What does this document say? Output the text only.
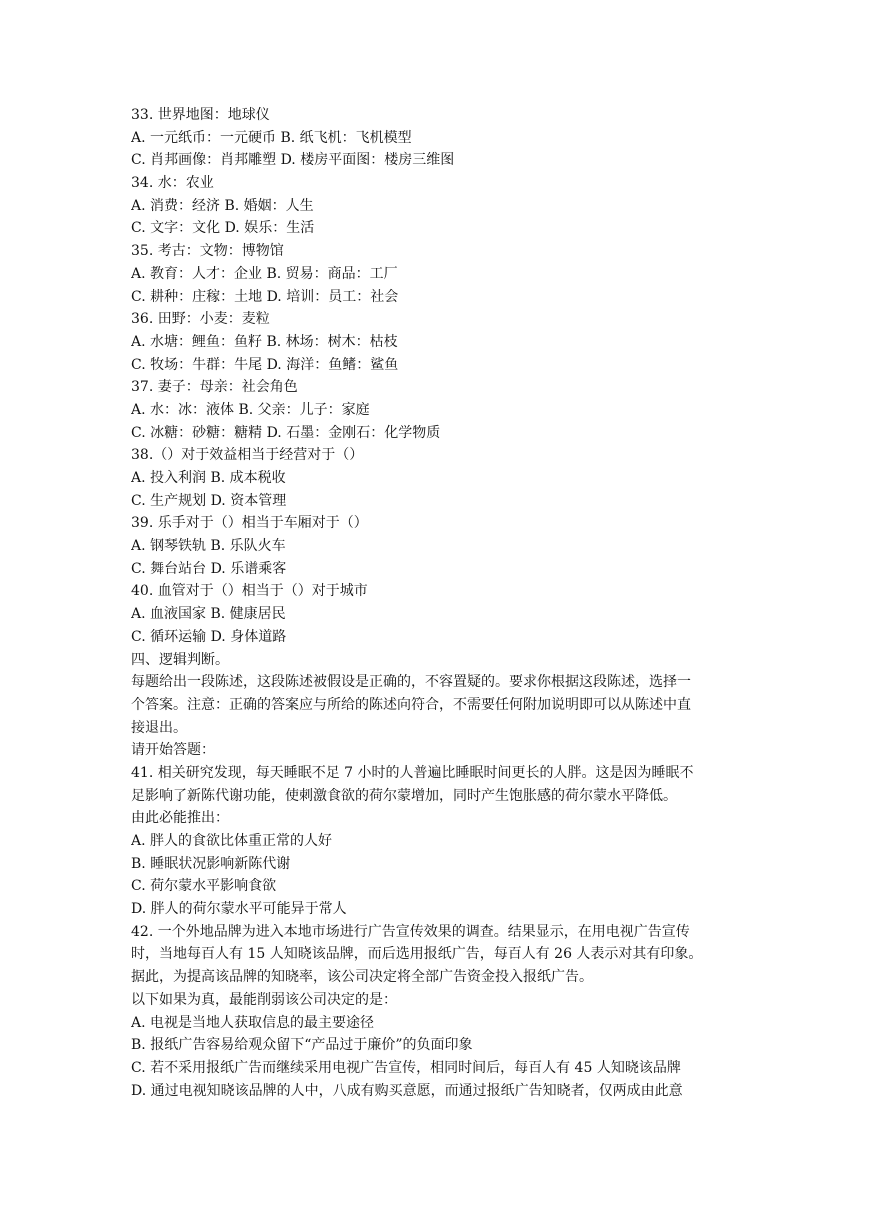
33. 世界地图：地球仪
A. 一元纸币：一元硬币 B. 纸飞机：飞机模型
C. 肖邦画像：肖邦雕塑 D. 楼房平面图：楼房三维图
34. 水：农业
A. 消费：经济 B. 婚姻：人生
C. 文字：文化 D. 娱乐：生活
35. 考古：文物：博物馆
A. 教育：人才：企业 B. 贸易：商品：工厂
C. 耕种：庄稼：土地 D. 培训：员工：社会
36. 田野：小麦：麦粒
A. 水塘：鲤鱼：鱼籽 B. 林场：树木：枯枝
C. 牧场：牛群：牛尾 D. 海洋：鱼鳍：鲨鱼
37. 妻子：母亲：社会角色
A. 水：冰：液体 B. 父亲：儿子：家庭
C. 冰糖：砂糖：糖精 D. 石墨：金刚石：化学物质
38.（）对于效益相当于经营对于（）
A. 投入利润 B. 成本税收
C. 生产规划 D. 资本管理
39. 乐手对于（）相当于车厢对于（）
A. 钢琴铁轨 B. 乐队火车
C. 舞台站台 D. 乐谱乘客
40. 血管对于（）相当于（）对于城市
A. 血液国家 B. 健康居民
C. 循环运输 D. 身体道路
四、逻辑判断。
每题给出一段陈述，这段陈述被假设是正确的，不容置疑的。要求你根据这段陈述，选择一
个答案。注意：正确的答案应与所给的陈述向符合，不需要任何附加说明即可以从陈述中直
接退出。
请开始答题：
41. 相关研究发现，每天睡眠不足 7 小时的人普遍比睡眠时间更长的人胖。这是因为睡眠不
足影响了新陈代谢功能，使刺激食欲的荷尔蒙增加，同时产生饱胀感的荷尔蒙水平降低。
由此必能推出：
A. 胖人的食欲比体重正常的人好
B. 睡眠状况影响新陈代谢
C. 荷尔蒙水平影响食欲
D. 胖人的荷尔蒙水平可能异于常人
42. 一个外地品牌为进入本地市场进行广告宣传效果的调查。结果显示，在用电视广告宣传
时，当地每百人有 15 人知晓该品牌，而后选用报纸广告，每百人有 26 人表示对其有印象。
据此，为提高该品牌的知晓率，该公司决定将全部广告资金投入报纸广告。
以下如果为真，最能削弱该公司决定的是：
A. 电视是当地人获取信息的最主要途径
B. 报纸广告容易给观众留下“产品过于廉价”的负面印象
C. 若不采用报纸广告而继续采用电视广告宣传，相同时间后，每百人有 45 人知晓该品牌
D. 通过电视知晓该品牌的人中，八成有购买意愿，而通过报纸广告知晓者，仅两成由此意
